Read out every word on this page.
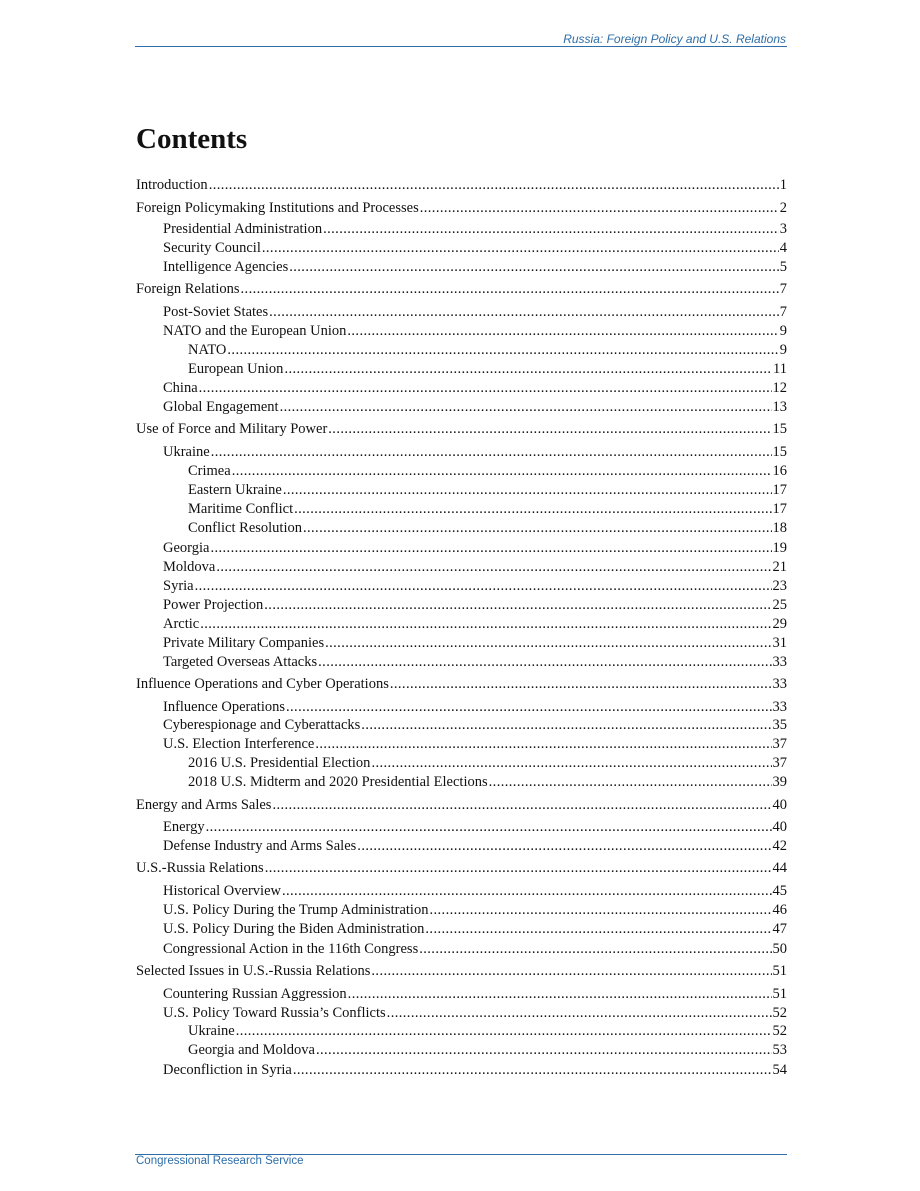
Russia: Foreign Policy and U.S. Relations
Contents
Introduction .....	1
Foreign Policymaking Institutions and Processes .....	2
Presidential Administration .....	3
Security Council .....	4
Intelligence Agencies .....	5
Foreign Relations .....	7
Post-Soviet States .....	7
NATO and the European Union .....	9
NATO .....	9
European Union .....	11
China .....	12
Global Engagement .....	13
Use of Force and Military Power .....	15
Ukraine .....	15
Crimea .....	16
Eastern Ukraine .....	17
Maritime Conflict .....	17
Conflict Resolution .....	18
Georgia .....	19
Moldova .....	21
Syria .....	23
Power Projection .....	25
Arctic .....	29
Private Military Companies .....	31
Targeted Overseas Attacks .....	33
Influence Operations and Cyber Operations .....	33
Influence Operations .....	33
Cyberespionage and Cyberattacks .....	35
U.S. Election Interference .....	37
2016 U.S. Presidential Election .....	37
2018 U.S. Midterm and 2020 Presidential Elections .....	39
Energy and Arms Sales .....	40
Energy .....	40
Defense Industry and Arms Sales .....	42
U.S.-Russia Relations .....	44
Historical Overview .....	45
U.S. Policy During the Trump Administration .....	46
U.S. Policy During the Biden Administration .....	47
Congressional Action in the 116th Congress .....	50
Selected Issues in U.S.-Russia Relations .....	51
Countering Russian Aggression .....	51
U.S. Policy Toward Russia’s Conflicts .....	52
Ukraine .....	52
Georgia and Moldova .....	53
Deconfliction in Syria .....	54
Congressional Research Service
